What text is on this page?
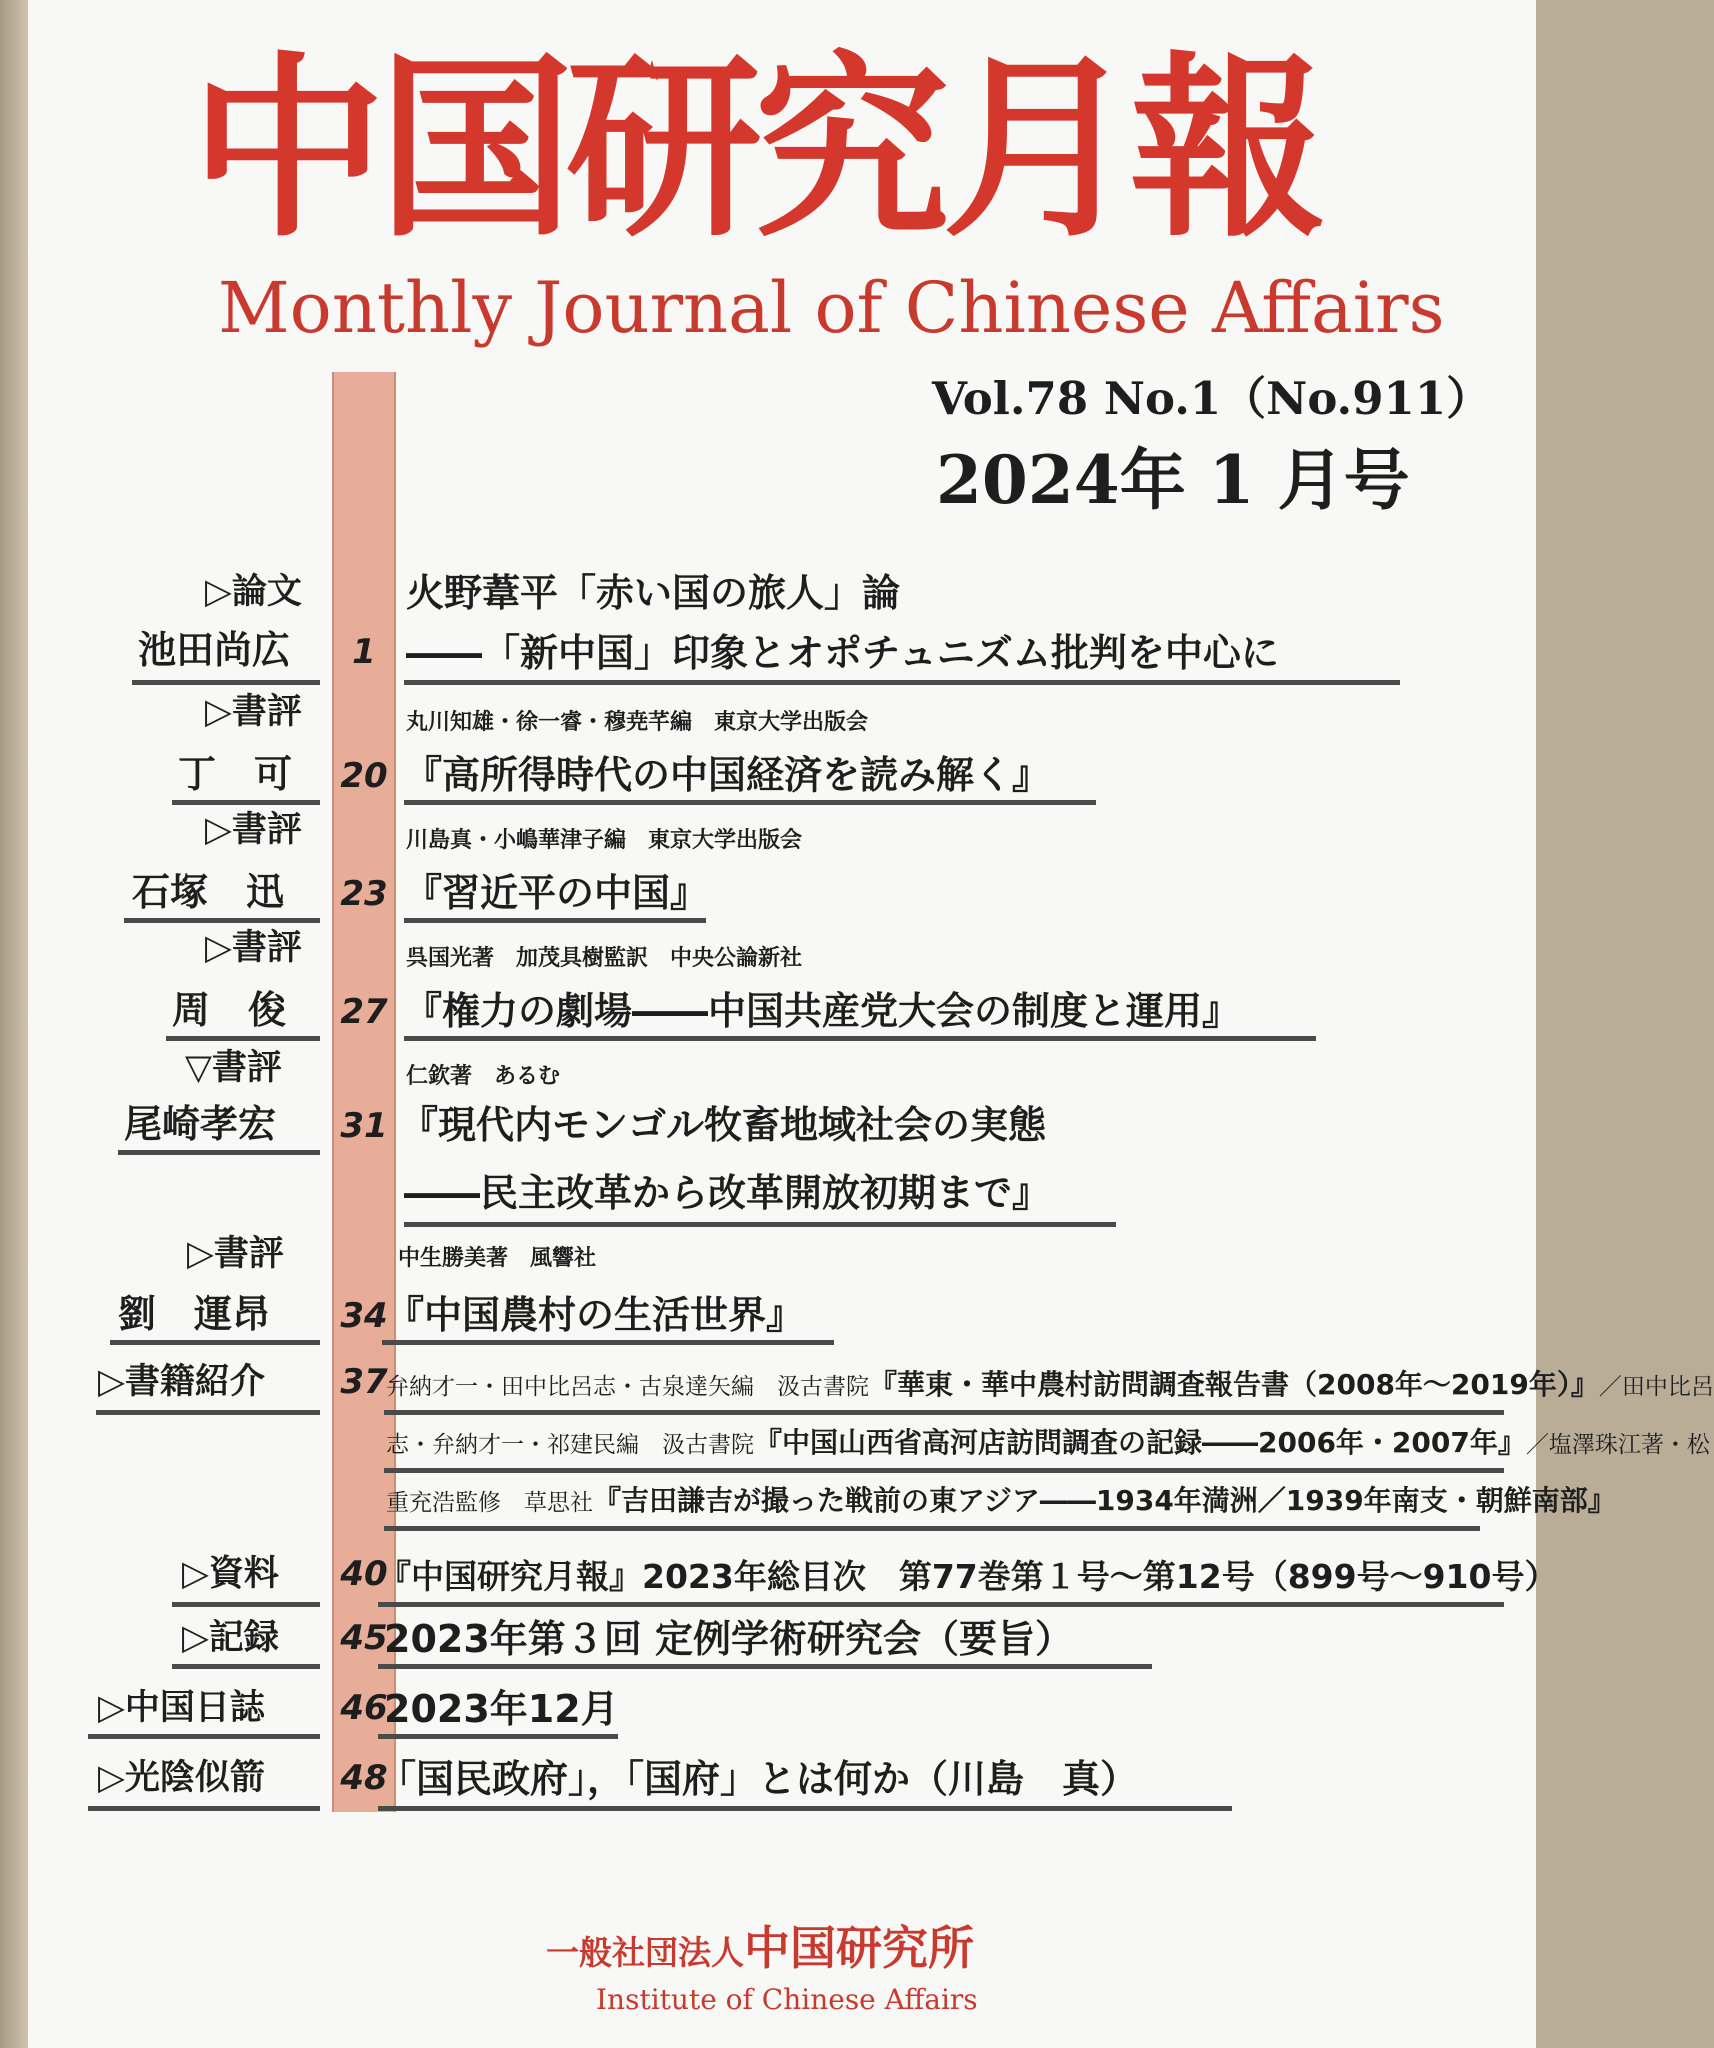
中国研究月報
Monthly Journal of Chinese Affairs
Vol.78 No.1（No.911）
2024年 1 月号
▷論文	火野葦平「赤い国の旅人」論
池田尚広	1 ――「新中国」印象とオポチュニズム批判を中心に
▷書評	丸川知雄・徐一睿・穆尭芊編　東京大学出版会
丁　可 20 『高所得時代の中国経済を読み解く』
▷書評	川島真・小嶋華津子編　東京大学出版会
石塚　迅 23 『習近平の中国』
▷書評	呉国光著　加茂具樹監訳　中央公論新社
周　俊 27 『権力の劇場――中国共産党大会の制度と運用』
▽書評	仁欽著　あるむ
尾崎孝宏 31 『現代内モンゴル牧畜地域社会の実態
――民主改革から改革開放初期まで』
▷書評	中生勝美著　風響社
劉　運昂 34
『中国農村の生活世界』
▷書籍紹介 37
弁納才一・田中比呂志・古泉達矢編　汲古書院『華東・華中農村訪問調査報告書（2008年～2019年）』／田中比呂
志・弁納才一・祁建民編　汲古書院『中国山西省高河店訪問調査の記録――2006年・2007年』／塩澤珠江著・松
重充浩監修　草思社『吉田謙吉が撮った戦前の東アジア――1934年満洲／1939年南支・朝鮮南部』
▷資料 40
『中国研究月報』2023年総目次　第77巻第１号～第12号（899号～910号）
▷記録 45
2023年第３回 定例学術研究会（要旨）
▷中国日誌 46
2023年12月
▷光陰似箭 48
「国民政府」，「国府」とは何か（川島　真）
一般社団法人中国研究所
Institute of Chinese Affairs
